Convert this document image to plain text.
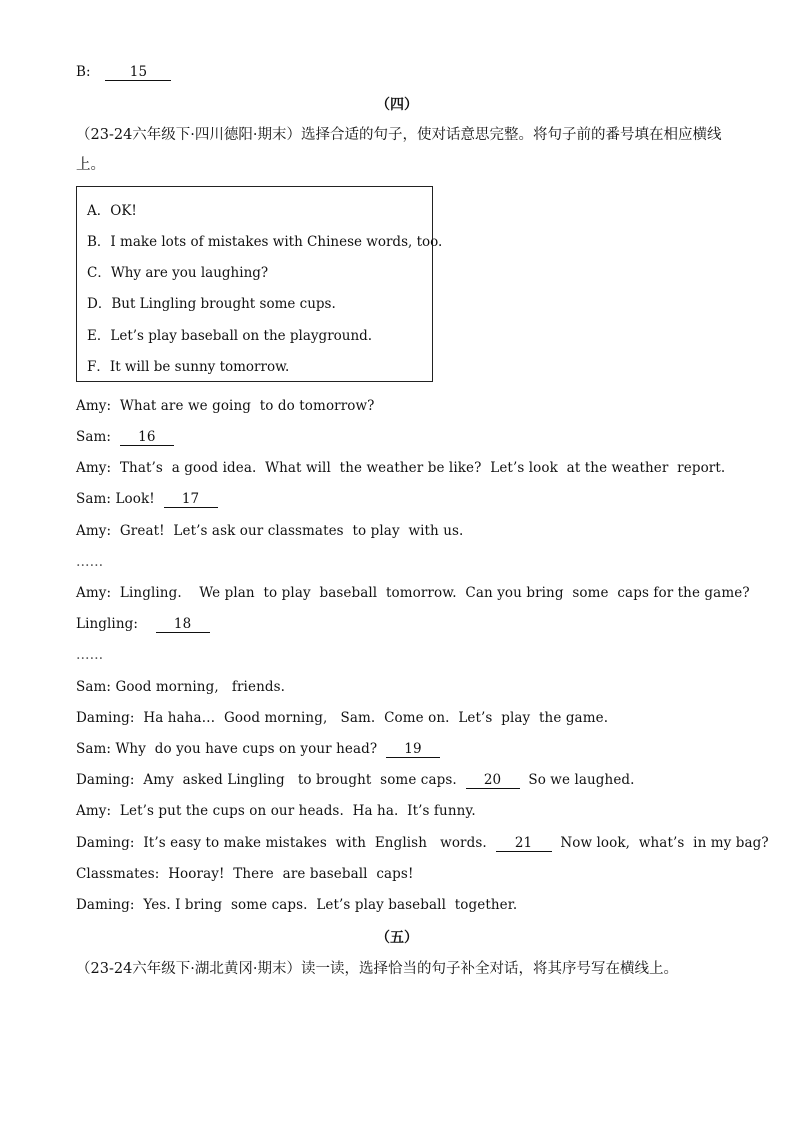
B:	15
（四）
（23-24六年级下·四川德阳·期末）选择合适的句子，使对话意思完整。将句子前的番号填在相应横线上。
A．OK!
B．I make lots of mistakes with Chinese words, too.
C．Why are you laughing?
D．But Lingling brought some cups.
E．Let’s play baseball on the playground.
F．It will be sunny tomorrow.
Amy:  What are we going  to do tomorrow?
Sam: 16
Amy:  That’s  a good idea.  What will  the weather be like?  Let’s look  at the weather  report.
Sam: Look!  17
Amy:  Great!  Let’s ask our classmates  to play  with us.
……
Amy:  Lingling.    We plan  to play  baseball  tomorrow.  Can you bring  some  caps for the game?
Lingling:	18
……
Sam: Good morning,   friends.
Daming:  Ha haha…  Good morning,   Sam.  Come on.  Let’s  play  the game.
Sam: Why  do you have cups on your head?  19
Daming:  Amy  asked Lingling   to brought  some caps.  20  So we laughed.
Amy:  Let’s put the cups on our heads.  Ha ha.  It’s funny.
Daming:  It’s easy to make mistakes  with  English   words.  21  Now look,  what’s  in my bag?
Classmates:  Hooray!  There  are baseball  caps!
Daming:  Yes. I bring  some caps.  Let’s play baseball  together.
（五）
（23-24六年级下·湖北黄冈·期末）读一读，选择恰当的句子补全对话，将其序号写在横线上。
